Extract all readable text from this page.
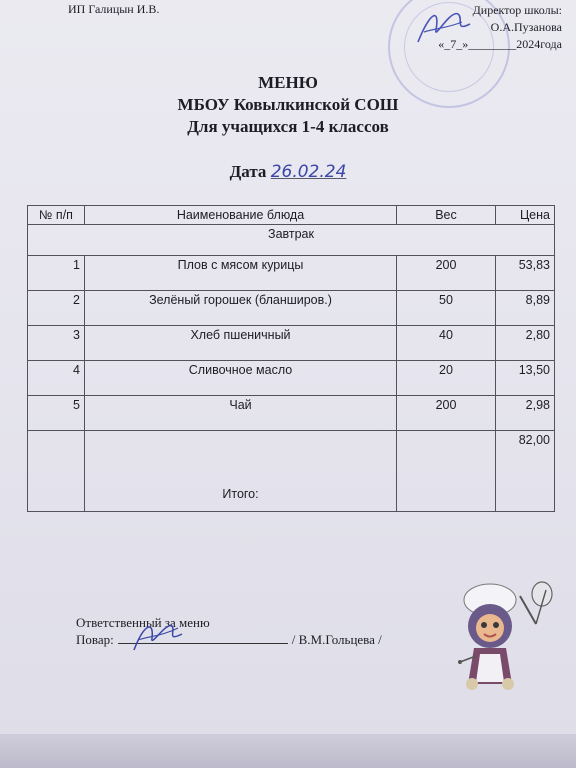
ИП Галицын И.В.	Директор школы:
О.А.Пузанова
«_7_»________2024года
МЕНЮ
МБОУ Ковылкинской СОШ
Для учащихся 1-4 классов
Дата 26.02.24
№ п/п	Наименование блюда	Вес	Цена
Завтрак			
1	Плов с мясом курицы	200	53,83
2	Зелёный горошек (бланширов.)	50	8,89
3	Хлеб пшеничный	40	2,80
4	Сливочное масло	20	13,50
5	Чай	200	2,98
	Итого:		82,00
Ответственный за меню
Повар:	/ В.М.Гольцева /
